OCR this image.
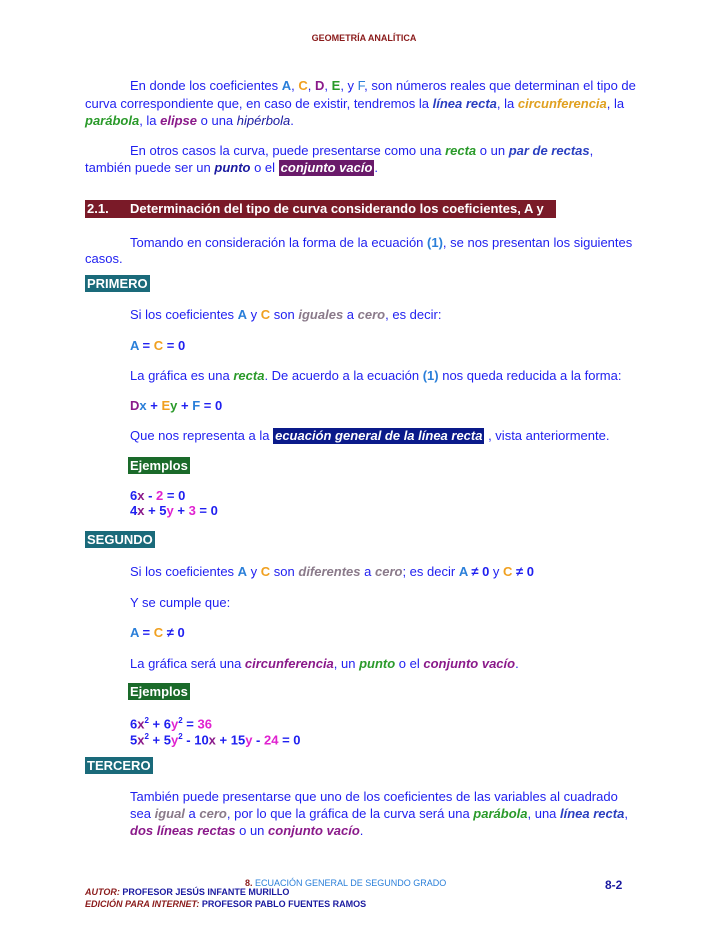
GEOMETRÍA ANALÍTICA
En donde los coeficientes A, C, D, E, y F, son números reales que determinan el tipo de
curva correspondiente que, en caso de existir, tendremos la línea recta, la circunferencia, la
parábola, la elipse o una hipérbola.
En otros casos la curva, puede presentarse como una recta o un par de rectas,
también puede ser un punto o el conjunto vacío .
2.1. Determinación del tipo de curva considerando los coeficientes, A y C
Tomando en consideración la forma de la ecuación (1), se nos presentan los siguientes
casos.
PRIMERO
Si los coeficientes A y C son iguales a cero, es decir:
A = C = 0
La gráfica es una recta. De acuerdo a la ecuación (1) nos queda reducida a la forma:
Dx + Ey + F = 0
Que nos representa a la ecuación general de la línea recta , vista anteriormente.
Ejemplos
6x - 2 = 0
4x + 5y + 3 = 0
SEGUNDO
Si los coeficientes A y C son diferentes a cero; es decir A ≠ 0 y C ≠ 0
Y se cumple que:
A = C ≠ 0
La gráfica será una circunferencia, un punto o el conjunto vacío.
Ejemplos
$6x^2 + 6y^2 = 36$
$5x^2 + 5y^2 - 10x + 15y - 24 = 0$
TERCERO
También puede presentarse que uno de los coeficientes de las variables al cuadrado
sea igual a cero, por lo que la gráfica de la curva será una parábola, una línea recta,
dos líneas rectas o un conjunto vacío.
8. ECUACIÓN GENERAL DE SEGUNDO GRADO	8-2
AUTOR: PROFESOR JESÚS INFANTE MURILLO
EDICIÓN PARA INTERNET: PROFESOR PABLO FUENTES RAMOS
